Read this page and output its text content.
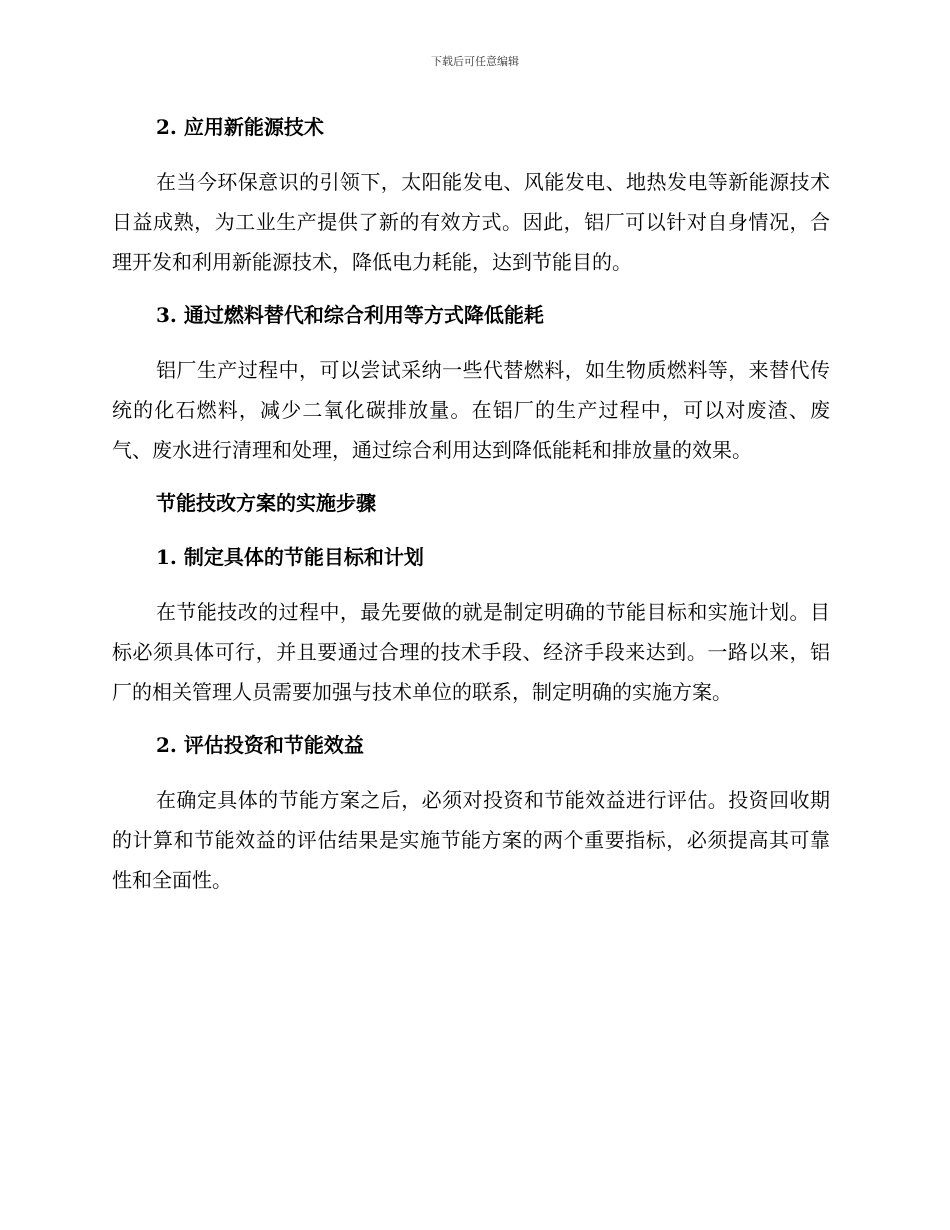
下载后可任意编辑
2. 应用新能源技术

在当今环保意识的引领下，太阳能发电、风能发电、地热发电等新能源技术日益成熟，为工业生产提供了新的有效方式。因此，铝厂可以针对自身情况，合理开发和利用新能源技术，降低电力耗能，达到节能目的。

3. 通过燃料替代和综合利用等方式降低能耗

铝厂生产过程中，可以尝试采纳一些代替燃料，如生物质燃料等，来替代传统的化石燃料，减少二氧化碳排放量。在铝厂的生产过程中，可以对废渣、废气、废水进行清理和处理，通过综合利用达到降低能耗和排放量的效果。

节能技改方案的实施步骤
1. 制定具体的节能目标和计划

在节能技改的过程中，最先要做的就是制定明确的节能目标和实施计划。目标必须具体可行，并且要通过合理的技术手段、经济手段来达到。一路以来，铝厂的相关管理人员需要加强与技术单位的联系，制定明确的实施方案。

2. 评估投资和节能效益

在确定具体的节能方案之后，必须对投资和节能效益进行评估。投资回收期的计算和节能效益的评估结果是实施节能方案的两个重要指标，必须提高其可靠性和全面性。
